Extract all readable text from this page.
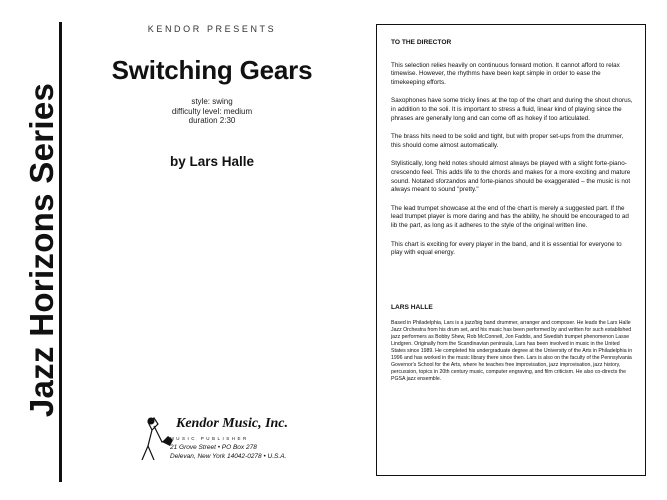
Jazz Horizons Series
KENDOR PRESENTS
Switching Gears
style: swing
difficulty level: medium
duration 2:30
by Lars Halle
Kendor Music, Inc.
MUSIC PUBLISHER
21 Grove Street • PO Box 278
Delevan, New York 14042-0278 • U.S.A.
TO THE DIRECTOR

This selection relies heavily on continuous forward motion. It cannot afford to relax timewise. However, the rhythms have been kept simple in order to ease the timekeeping efforts.

Saxophones have some tricky lines at the top of the chart and during the shout chorus, in addition to the soli. It is important to stress a fluid, linear kind of playing since the phrases are generally long and can come off as hokey if too articulated.

The brass hits need to be solid and tight, but with proper set-ups from the drummer, this should come almost automatically.

Stylistically, long held notes should almost always be played with a slight forte-piano-crescendo feel. This adds life to the chords and makes for a more exciting and mature sound. Notated sforzandos and forte-pianos should be exaggerated – the music is not always meant to sound "pretty."

The lead trumpet showcase at the end of the chart is merely a suggested part. If the lead trumpet player is more daring and has the ability, he should be encouraged to ad lib the part, as long as it adheres to the style of the original written line.

This chart is exciting for every player in the band, and it is essential for everyone to play with equal energy.

LARS HALLE

Based in Philadelphia, Lars is a jazz/big band drummer, arranger and composer. He leads the Lars Halle Jazz Orchestra from his drum set, and his music has been performed by and written for such established jazz performers as Bobby Shew, Rob McConnell, Jon Faddis, and Swedish trumpet phenomenon Lasse Lindgren. Originally from the Scandinavian peninsula, Lars has been involved in music in the United States since 1989. He completed his undergraduate degree at the University of the Arts in Philadelphia in 1996 and has worked in the music library there since then. Lars is also on the faculty of the Pennsylvania Governor's School for the Arts, where he teaches free improvisation, jazz improvisation, jazz history, percussion, topics in 20th century music, computer engraving, and film criticism. He also co-directs the PGSA jazz ensemble.
